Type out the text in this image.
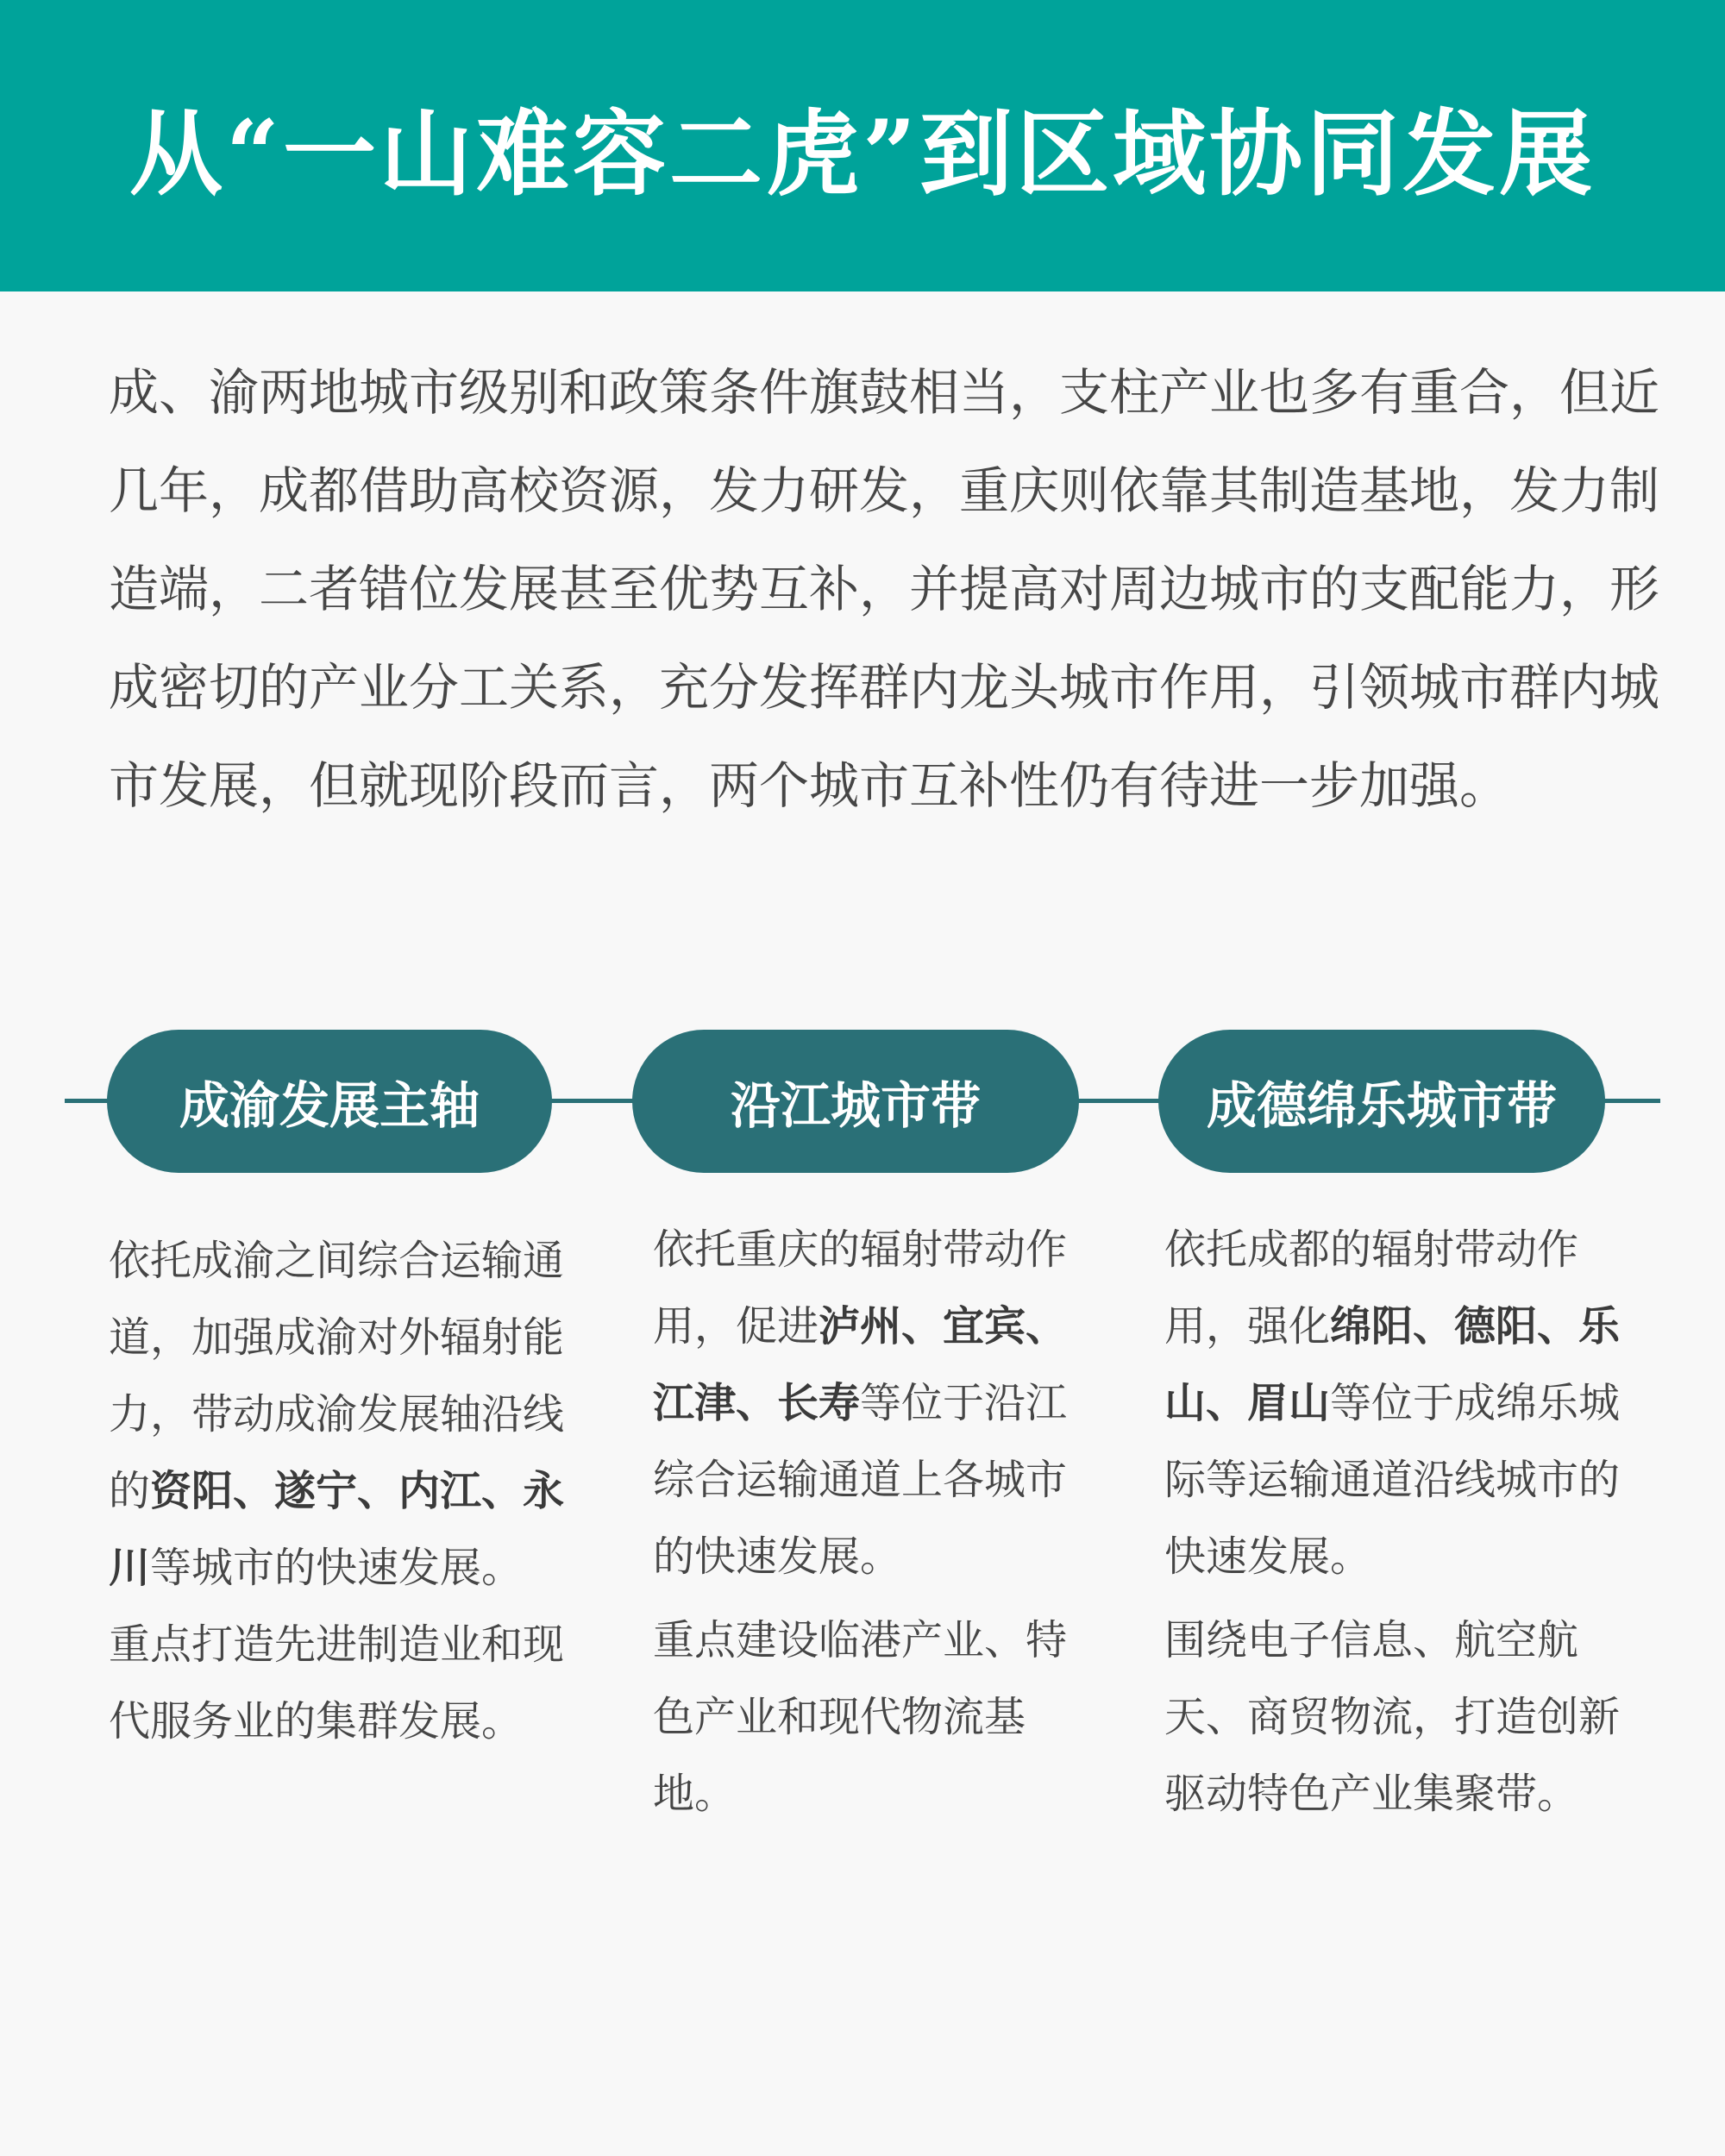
从“一山难容二虎”到区域协同发展

成、渝两地城市级别和政策条件旗鼓相当，支柱产业也多有重合，但近几年，成都借助高校资源，发力研发，重庆则依靠其制造基地，发力制造端，二者错位发展甚至优势互补，并提高对周边城市的支配能力，形成密切的产业分工关系，充分发挥群内龙头城市作用，引领城市群内城市发展，但就现阶段而言，两个城市互补性仍有待进一步加强。

成渝发展主轴	沿江城市带	成德绵乐城市带

依托成渝之间综合运输通道，加强成渝对外辐射能力，带动成渝发展轴沿线的资阳、遂宁、内江、永川等城市的快速发展。

重点打造先进制造业和现代服务业的集群发展。

依托重庆的辐射带动作用，促进泸州、宜宾、江津、长寿等位于沿江综合运输通道上各城市的快速发展。

重点建设临港产业、特色产业和现代物流基地。

依托成都的辐射带动作用，强化绵阳、德阳、乐山、眉山等位于成绵乐城际等运输通道沿线城市的快速发展。

围绕电子信息、航空航天、商贸物流，打造创新驱动特色产业集聚带。
